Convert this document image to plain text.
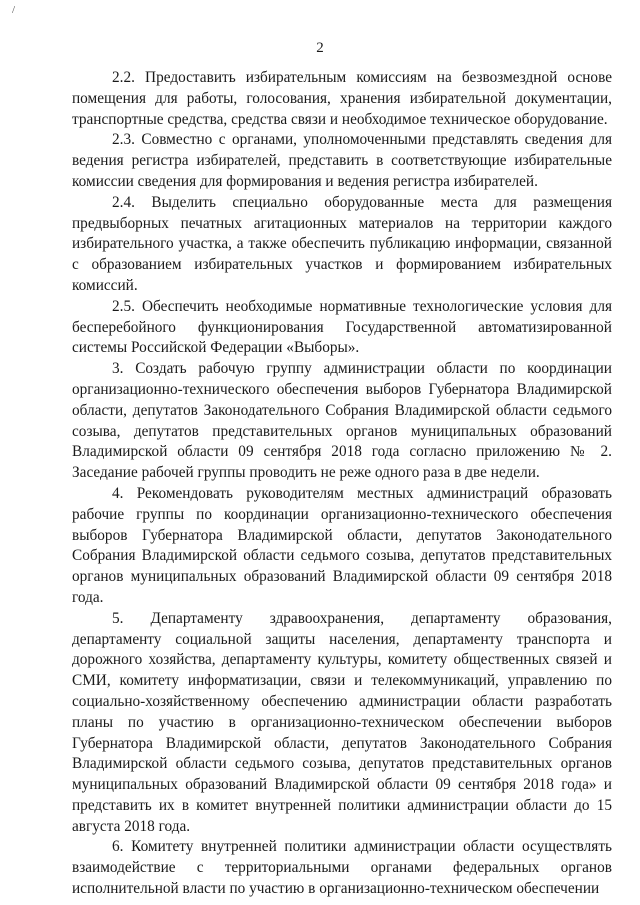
/
2

2.2. Предоставить избирательным комиссиям на безвозмездной основе помещения для работы, голосования, хранения избирательной документации, транспортные средства, средства связи и необходимое техническое оборудование.

2.3. Совместно с органами, уполномоченными представлять сведения для ведения регистра избирателей, представить в соответствующие избирательные комиссии сведения для формирования и ведения регистра избирателей.

2.4. Выделить специально оборудованные места для размещения предвыборных печатных агитационных материалов на территории каждого избирательного участка, а также обеспечить публикацию информации, связанной с образованием избирательных участков и формированием избирательных комиссий.

2.5. Обеспечить необходимые нормативные технологические условия для бесперебойного функционирования Государственной автоматизированной системы Российской Федерации «Выборы».

3. Создать рабочую группу администрации области по координации организационно-технического обеспечения выборов Губернатора Владимирской области, депутатов Законодательного Собрания Владимирской области седьмого созыва, депутатов представительных органов муниципальных образований Владимирской области 09 сентября 2018 года согласно приложению № 2. Заседание рабочей группы проводить не реже одного раза в две недели.

4. Рекомендовать руководителям местных администраций образовать рабочие группы по координации организационно-технического обеспечения выборов Губернатора Владимирской области, депутатов Законодательного Собрания Владимирской области седьмого созыва, депутатов представительных органов муниципальных образований Владимирской области 09 сентября 2018 года.

5. Департаменту здравоохранения, департаменту образования, департаменту социальной защиты населения, департаменту транспорта и дорожного хозяйства, департаменту культуры, комитету общественных связей и СМИ, комитету информатизации, связи и телекоммуникаций, управлению по социально-хозяйственному обеспечению администрации области разработать планы по участию в организационно-техническом обеспечении выборов Губернатора Владимирской области, депутатов Законодательного Собрания Владимирской области седьмого созыва, депутатов представительных органов муниципальных образований Владимирской области 09 сентября 2018 года» и представить их в комитет внутренней политики администрации области до 15 августа 2018 года.

6. Комитету внутренней политики администрации области осуществлять взаимодействие с территориальными органами федеральных органов исполнительной власти по участию в организационно-техническом обеспечении
